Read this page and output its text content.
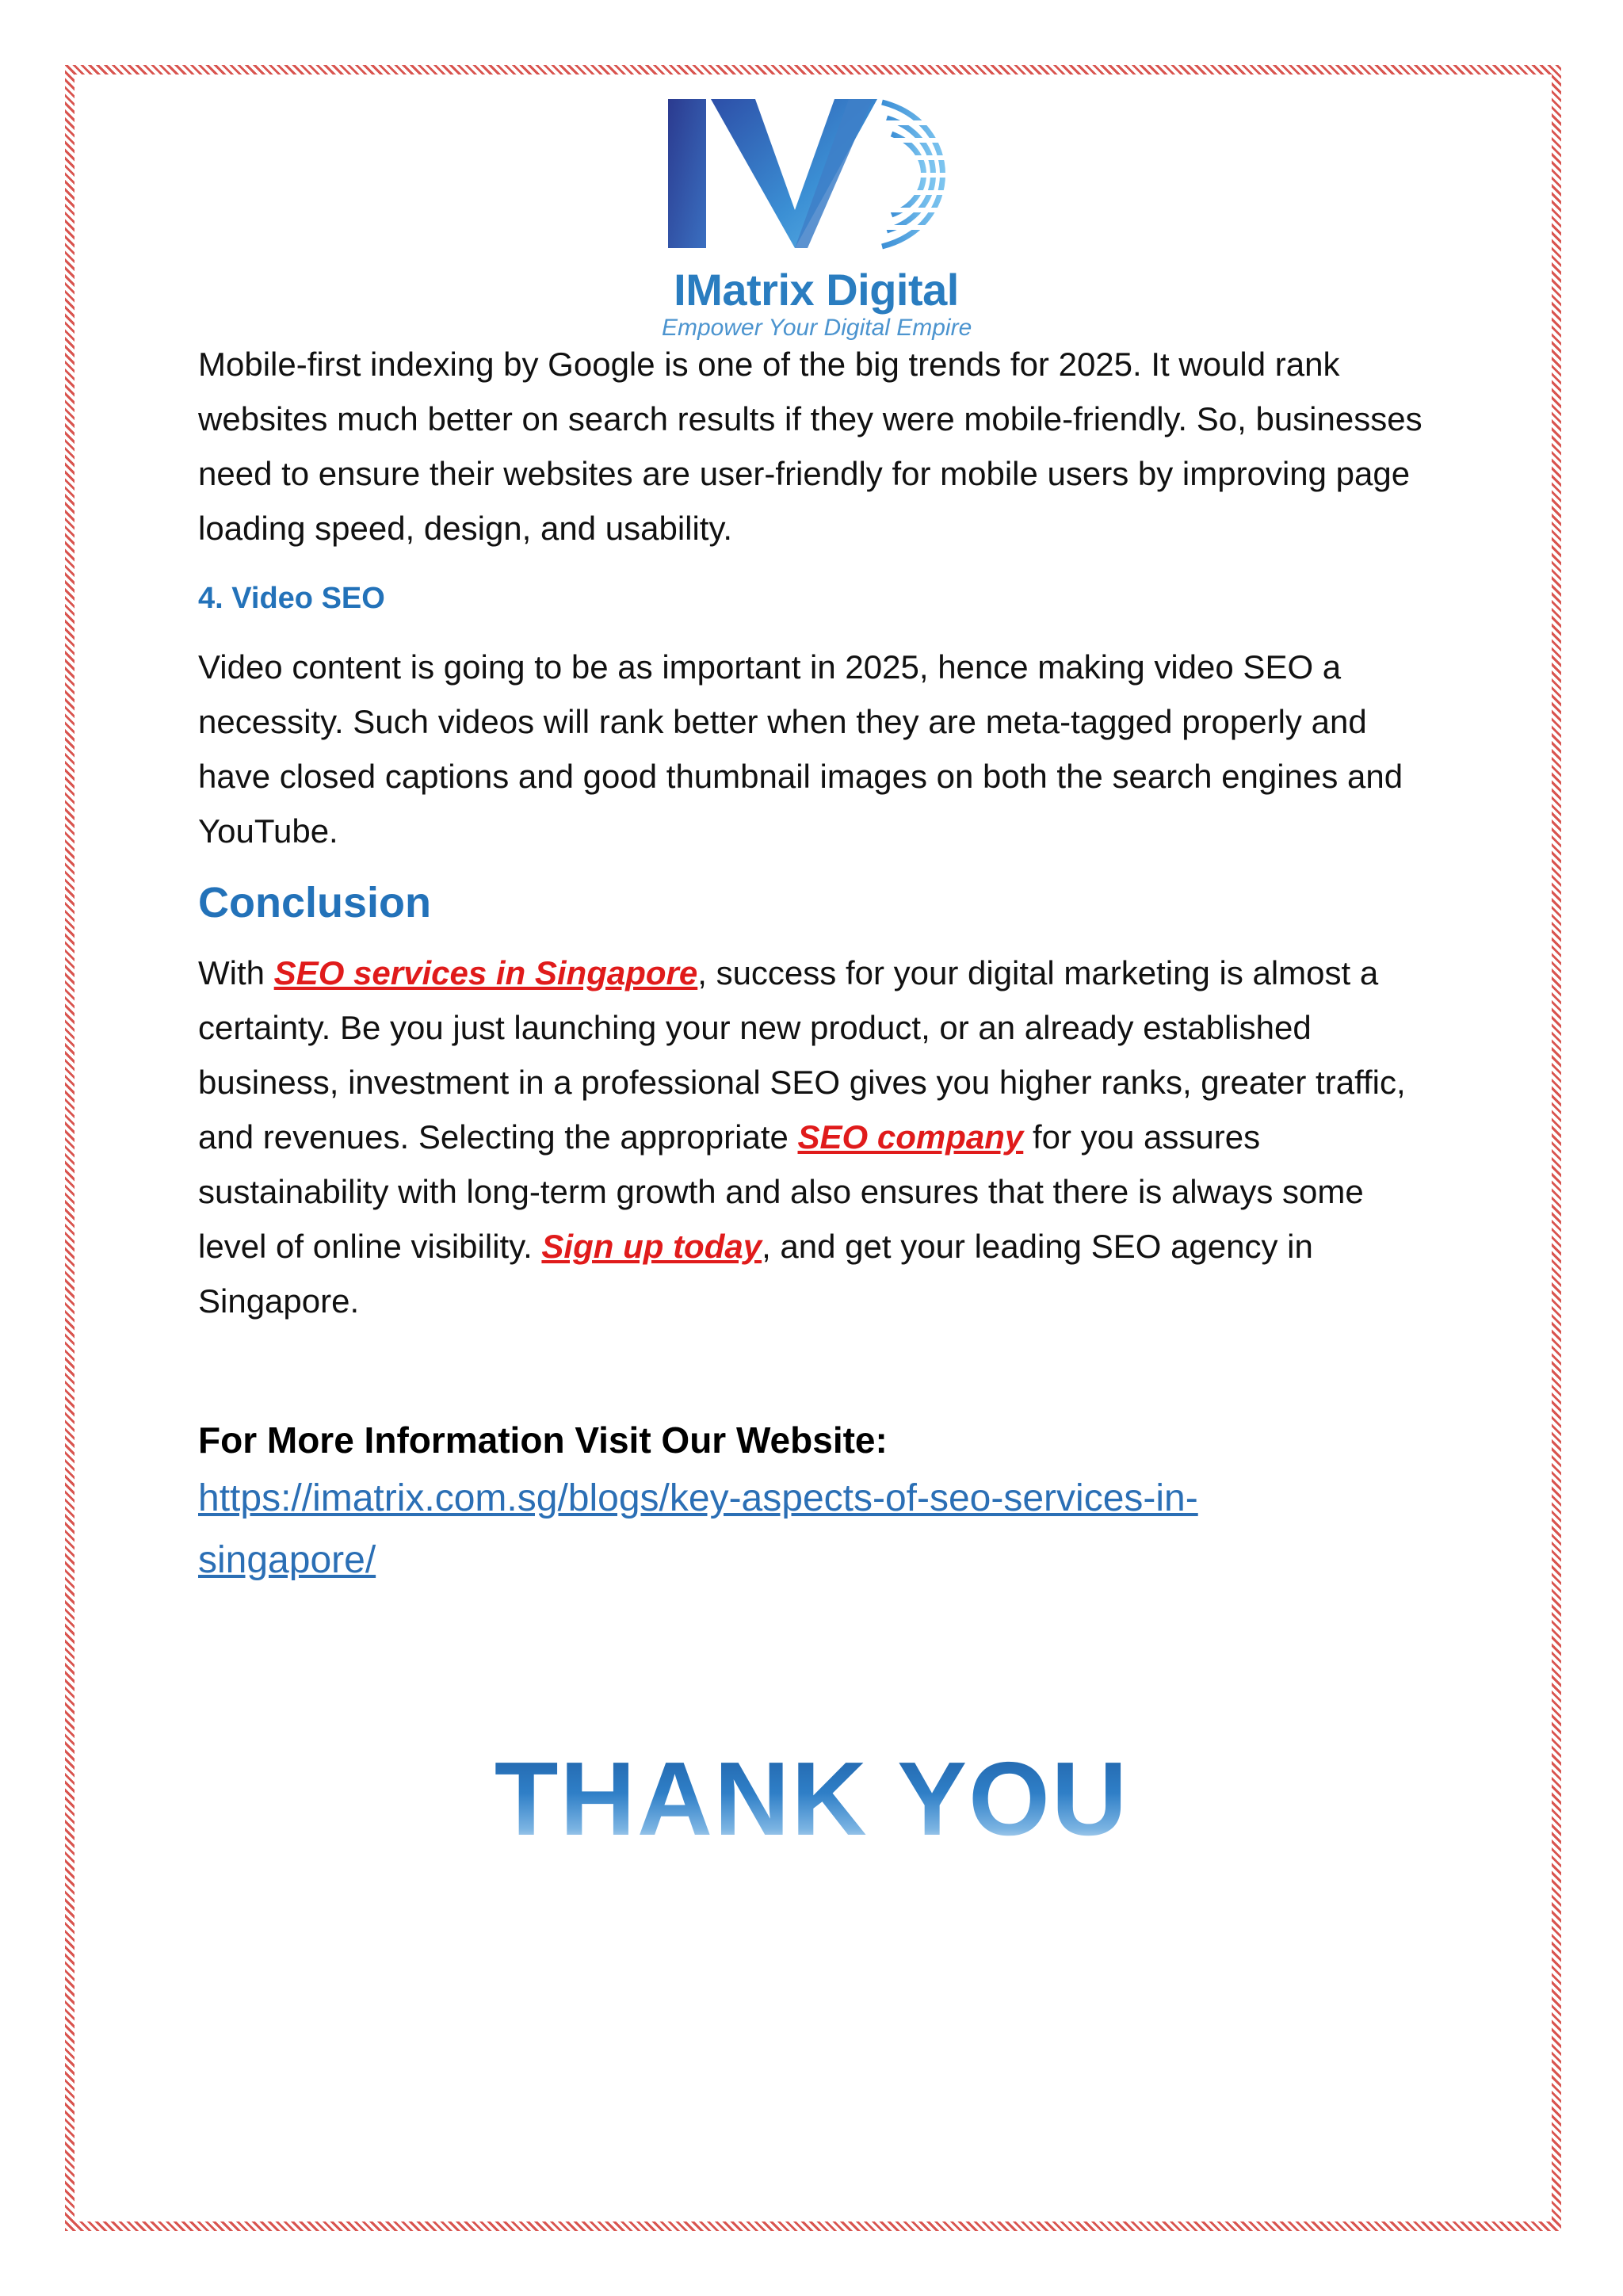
IMatrix Digital
Empower Your Digital Empire

Mobile-first indexing by Google is one of the big trends for 2025. It would rank websites much better on search results if they were mobile-friendly. So, businesses need to ensure their websites are user-friendly for mobile users by improving page loading speed, design, and usability.

4. Video SEO

Video content is going to be as important in 2025, hence making video SEO a necessity. Such videos will rank better when they are meta-tagged properly and have closed captions and good thumbnail images on both the search engines and YouTube.

Conclusion

With SEO services in Singapore, success for your digital marketing is almost a certainty. Be you just launching your new product, or an already established business, investment in a professional SEO gives you higher ranks, greater traffic, and revenues. Selecting the appropriate SEO company for you assures sustainability with long-term growth and also ensures that there is always some level of online visibility. Sign up today, and get your leading SEO agency in Singapore.

For More Information Visit Our Website:
https://imatrix.com.sg/blogs/key-aspects-of-seo-services-in-singapore/
THANK YOU
